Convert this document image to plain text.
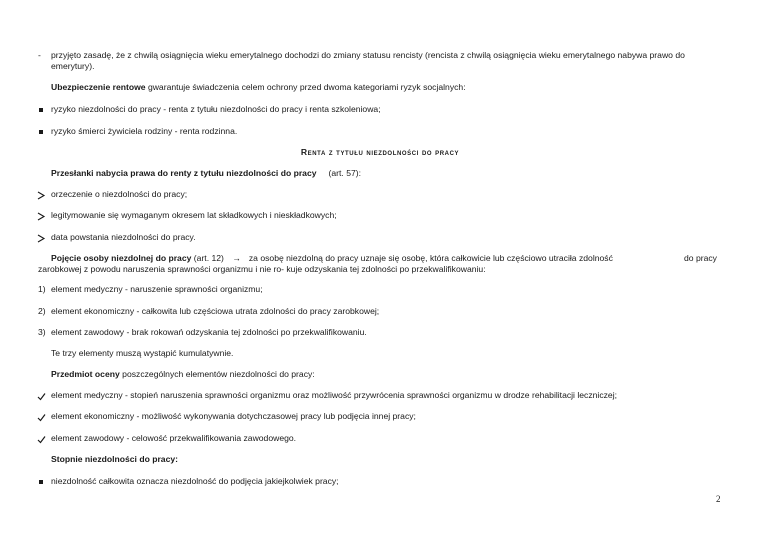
- przyjęto zasadę, że z chwilą osiągnięcia wieku emerytalnego dochodzi do zmiany statusu rencisty (rencista z chwilą osiągnięcia wieku emerytalnego nabywa prawo do
emerytury).
Ubezpieczenie rentowe gwarantuje świadczenia celem ochrony przed dwoma kategoriami ryzyk socjalnych:
ryzyko niezdolności do pracy - renta z tytułu niezdolności do pracy i renta szkoleniowa;
ryzyko śmierci żywiciela rodziny - renta rodzinna.
Renta z tytułu niezdolności do pracy
Przesłanki nabycia prawa do renty z tytułu niezdolności do pracy (art. 57):
orzeczenie o niezdolności do pracy;
legitymowanie się wymaganym okresem lat składkowych i nieskładkowych;
data powstania niezdolności do pracy.
Pojęcie osoby niezdolnej do pracy (art. 12) → za osobę niezdolną do pracy uznaje się osobę, która całkowicie lub częściowo utraciła zdolność	do pracy
zarobkowej z powodu naruszenia sprawności organizmu i nie ro- kuje odzyskania tej zdolności po przekwalifikowaniu:
1) element medyczny - naruszenie sprawności organizmu;
2) element ekonomiczny - całkowita lub częściowa utrata zdolności do pracy zarobkowej;
3) element zawodowy - brak rokowań odzyskania tej zdolności po przekwalifikowaniu.
Te trzy elementy muszą wystąpić kumulatywnie.
Przedmiot oceny poszczególnych elementów niezdolności do pracy:
element medyczny - stopień naruszenia sprawności organizmu oraz możliwość przywrócenia sprawności organizmu w drodze rehabilitacji leczniczej;
element ekonomiczny - możliwość wykonywania dotychczasowej pracy lub podjęcia innej pracy;
element zawodowy - celowość przekwalifikowania zawodowego.
Stopnie niezdolności do pracy:
niezdolność całkowita oznacza niezdolność do podjęcia jakiejkolwiek pracy;
2
